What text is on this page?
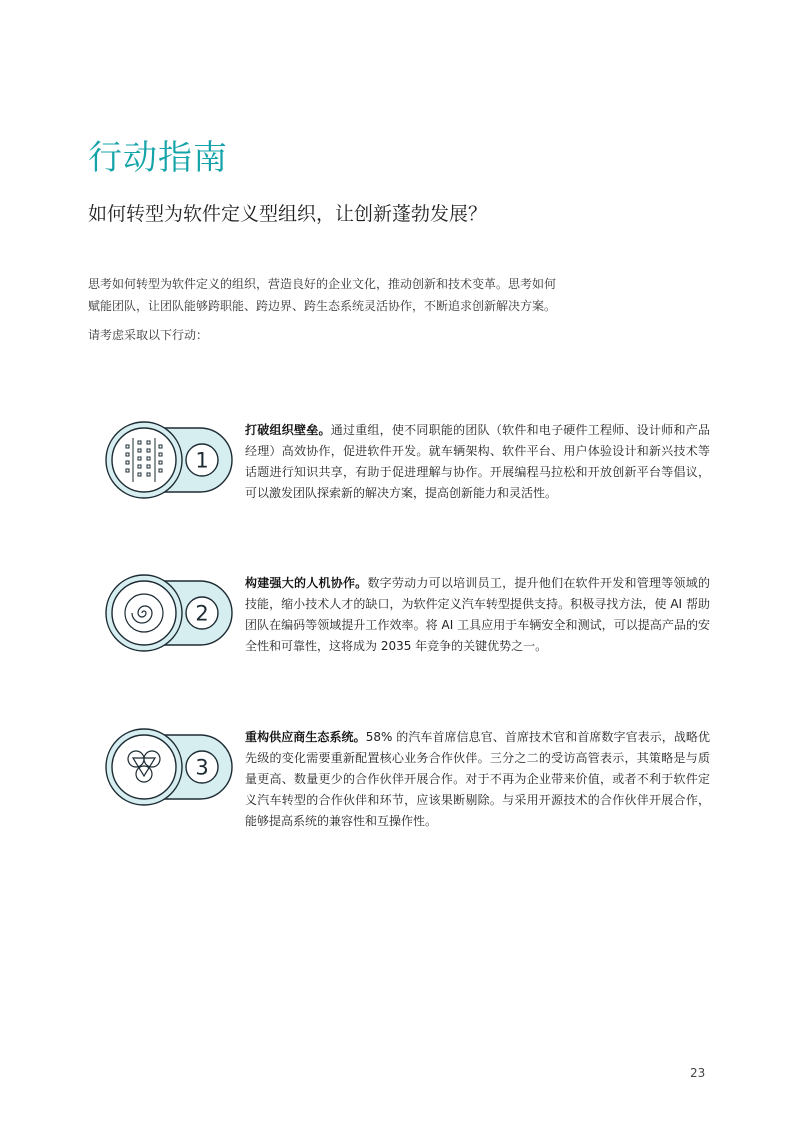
行动指南
如何转型为软件定义型组织，让创新蓬勃发展？

思考如何转型为软件定义的组织，营造良好的企业文化，推动创新和技术变革。思考如何赋能团队，让团队能够跨职能、跨边界、跨生态系统灵活协作，不断追求创新解决方案。

请考虑采取以下行动：

1

打破组织壁垒。通过重组，使不同职能的团队（软件和电子硬件工程师、设计师和产品经理）高效协作，促进软件开发。就车辆架构、软件平台、用户体验设计和新兴技术等话题进行知识共享，有助于促进理解与协作。开展编程马拉松和开放创新平台等倡议，可以激发团队探索新的解决方案，提高创新能力和灵活性。

2

构建强大的人机协作。数字劳动力可以培训员工，提升他们在软件开发和管理等领域的技能，缩小技术人才的缺口，为软件定义汽车转型提供支持。积极寻找方法，使 AI 帮助团队在编码等领域提升工作效率。将 AI 工具应用于车辆安全和测试，可以提高产品的安全性和可靠性，这将成为 2035 年竞争的关键优势之一。

3

重构供应商生态系统。58% 的汽车首席信息官、首席技术官和首席数字官表示，战略优先级的变化需要重新配置核心业务合作伙伴。三分之二的受访高管表示，其策略是与质量更高、数量更少的合作伙伴开展合作。对于不再为企业带来价值，或者不利于软件定义汽车转型的合作伙伴和环节，应该果断剔除。与采用开源技术的合作伙伴开展合作，能够提高系统的兼容性和互操作性。

23
